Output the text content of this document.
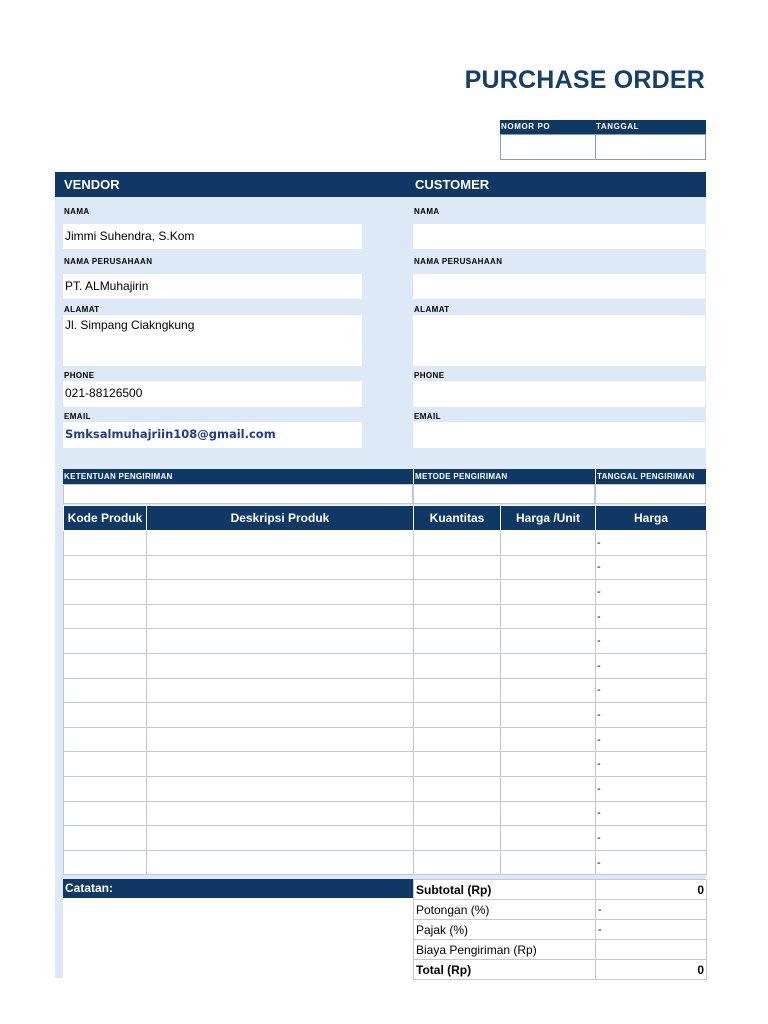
PURCHASE ORDER
NOMOR PO	TANGGAL
VENDOR	CUSTOMER
NAMA
Jimmi Suhendra, S.Kom
NAMA PERUSAHAAN
PT. ALMuhajirin
ALAMAT
Jl. Simpang Ciakngkung
PHONE
021-88126500
EMAIL
Smksalmuhajriin108@gmail.com
NAMA
NAMA PERUSAHAAN
ALAMAT
PHONE
EMAIL
KETENTUAN PENGIRIMAN	METODE PENGIRIMAN	TANGGAL PENGIRIMAN
Kode Produk	Deskripsi Produk	Kuantitas	Harga /Unit	Harga
				-
				-
				-
				-
				-
				-
				-
				-
				-
				-
				-
				-
				-
				-
Catatan:	Subtotal (Rp)	0
Potongan (%)	-
Pajak (%)	-
Biaya Pengiriman (Rp)	
Total (Rp)	0
